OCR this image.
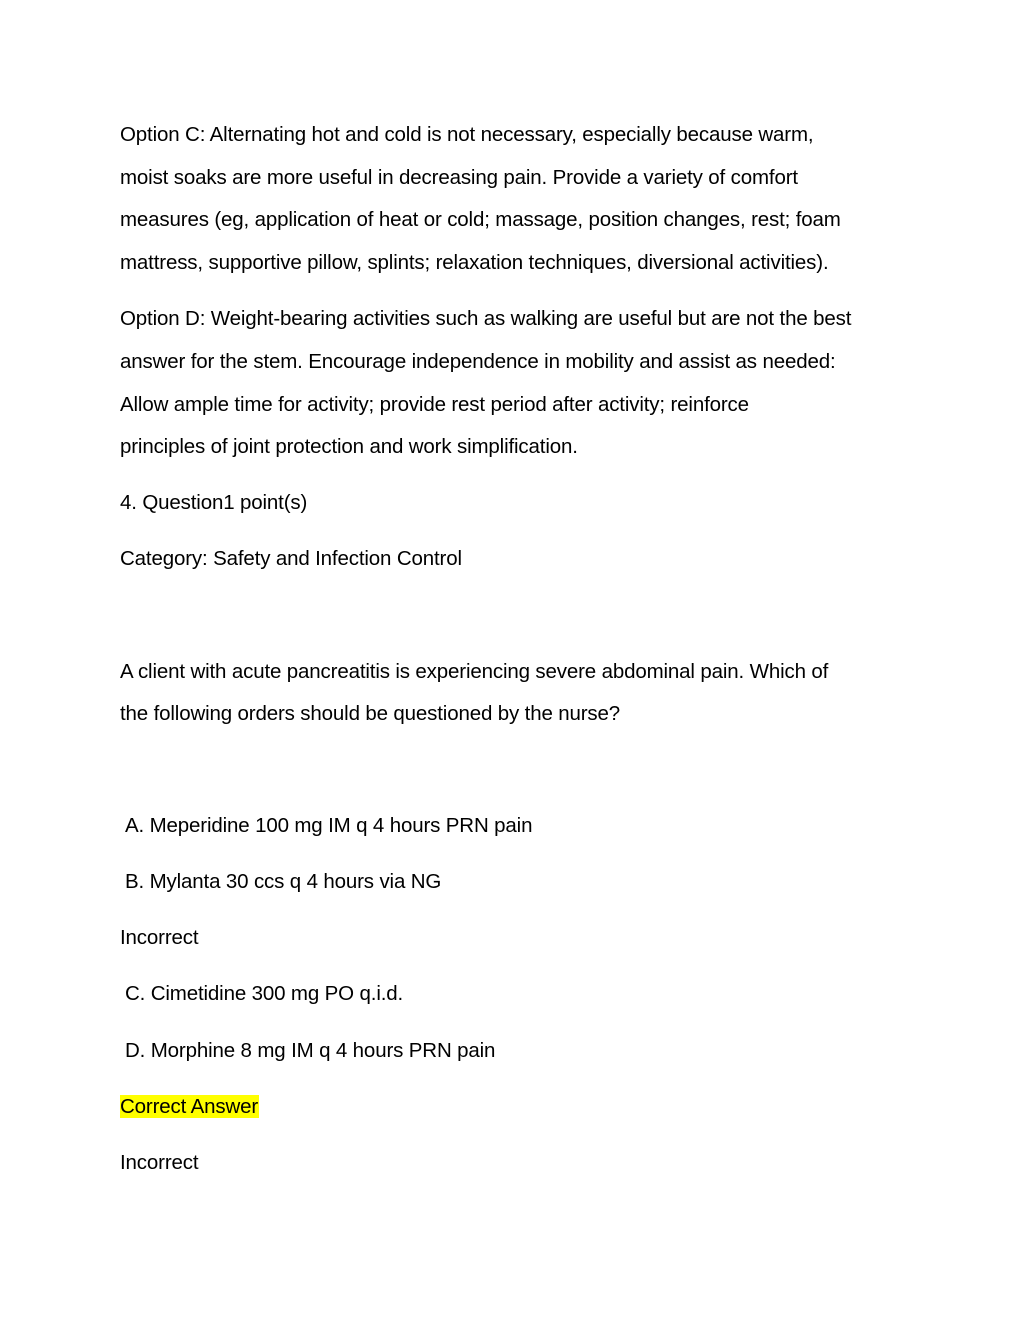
Option C: Alternating hot and cold is not necessary, especially because warm,
moist soaks are more useful in decreasing pain. Provide a variety of comfort
measures (eg, application of heat or cold; massage, position changes, rest; foam
mattress, supportive pillow, splints; relaxation techniques, diversional activities).
Option D: Weight-bearing activities such as walking are useful but are not the best
answer for the stem. Encourage independence in mobility and assist as needed:
Allow ample time for activity; provide rest period after activity; reinforce
principles of joint protection and work simplification.
4. Question1 point(s)
Category: Safety and Infection Control
A client with acute pancreatitis is experiencing severe abdominal pain. Which of
the following orders should be questioned by the nurse?
A. Meperidine 100 mg IM q 4 hours PRN pain
B. Mylanta 30 ccs q 4 hours via NG
Incorrect
C. Cimetidine 300 mg PO q.i.d.
D. Morphine 8 mg IM q 4 hours PRN pain
Correct Answer
Incorrect
